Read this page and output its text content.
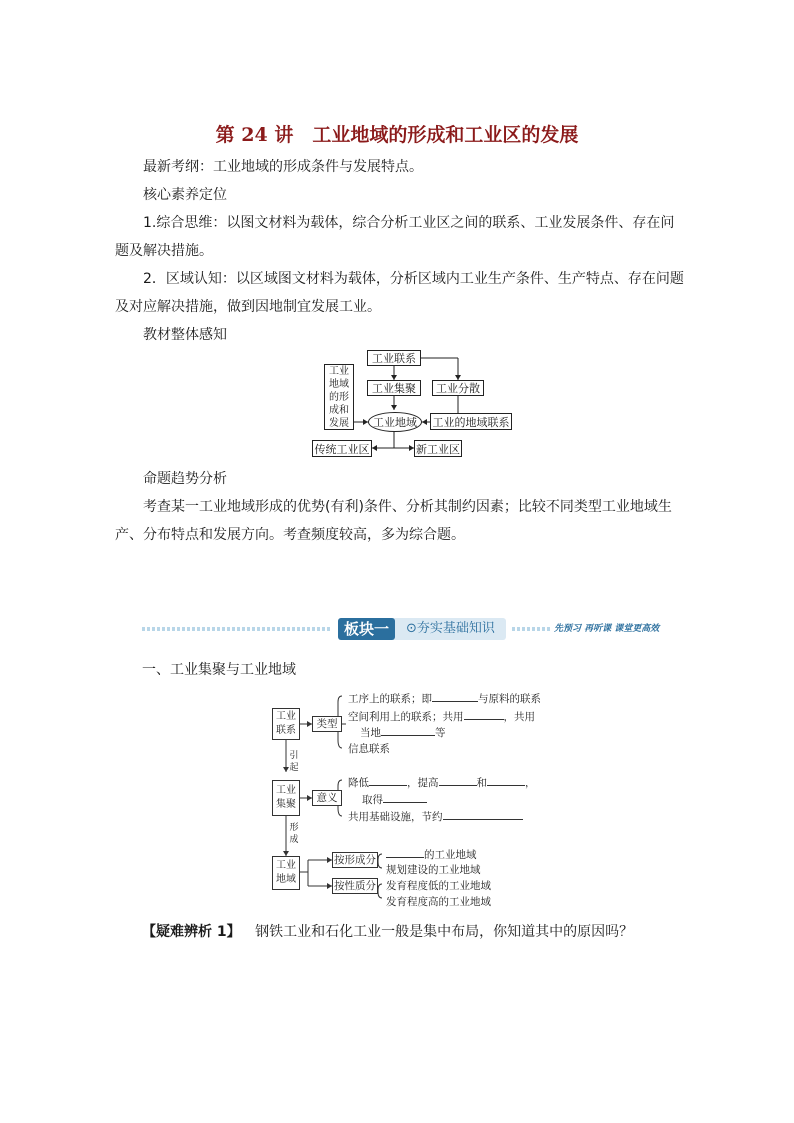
第 24 讲　工业地域的形成和工业区的发展
最新考纲：工业地域的形成条件与发展特点。
核心素养定位
1.综合思维：以图文材料为载体，综合分析工业区之间的联系、工业发展条件、存在问题及解决措施。
2．区域认知：以区域图文材料为载体，分析区域内工业生产条件、生产特点、存在问题及对应解决措施，做到因地制宜发展工业。
教材整体感知
工业地域的形成和发展
工业联系
工业集聚	工业分散
工业地域	工业的地域联系
传统工业区	新工业区
命题趋势分析
考查某一工业地域形成的优势(有利)条件、分析其制约因素；比较不同类型工业地域生产、分布特点和发展方向。考查频度较高，多为综合题。
板块一	⊙夯实基础知识	先预习 再听课 课堂更高效
一、工业集聚与工业地域
工业联系
类型
工序上的联系；即	与原料的联系
空间利用上的联系；共用	，共用
当地	等
信息联系
引起
工业集聚
意义
降低	，提高	和	，
取得
共用基础设施，节约
形成
工业地域
按形成分
按性质分
的工业地域
规划建设的工业地域
发育程度低的工业地域
发育程度高的工业地域
【疑难辨析 1】 钢铁工业和石化工业一般是集中布局，你知道其中的原因吗？
